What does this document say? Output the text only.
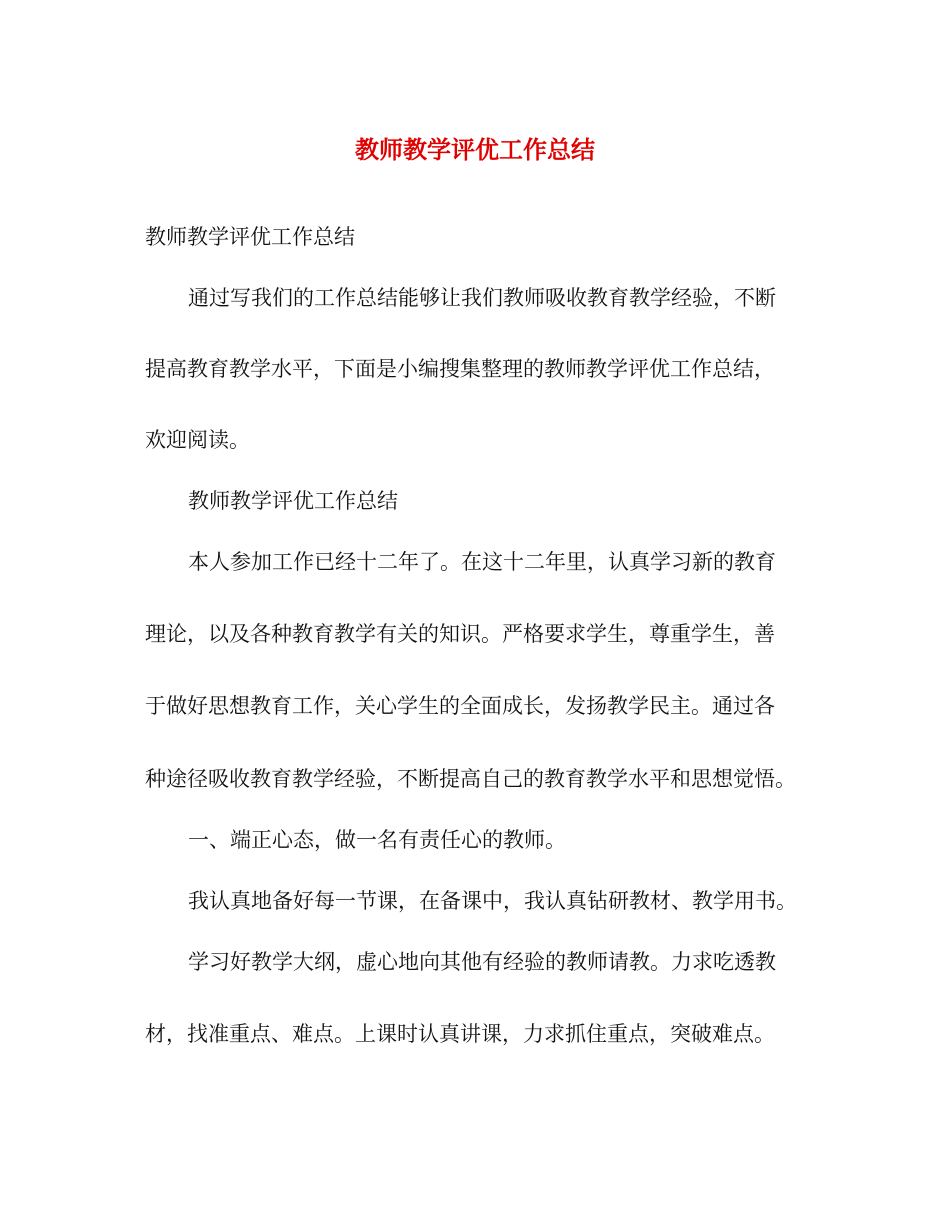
教师教学评优工作总结
教师教学评优工作总结
通过写我们的工作总结能够让我们教师吸收教育教学经验，不断
提高教育教学水平，下面是小编搜集整理的教师教学评优工作总结，
欢迎阅读。
教师教学评优工作总结
本人参加工作已经十二年了。在这十二年里，认真学习新的教育
理论，以及各种教育教学有关的知识。严格要求学生，尊重学生，善
于做好思想教育工作，关心学生的全面成长，发扬教学民主。通过各
种途径吸收教育教学经验，不断提高自己的教育教学水平和思想觉悟。
一、端正心态，做一名有责任心的教师。
我认真地备好每一节课，在备课中，我认真钻研教材、教学用书。
学习好教学大纲，虚心地向其他有经验的教师请教。力求吃透教
材，找准重点、难点。上课时认真讲课，力求抓住重点，突破难点。
